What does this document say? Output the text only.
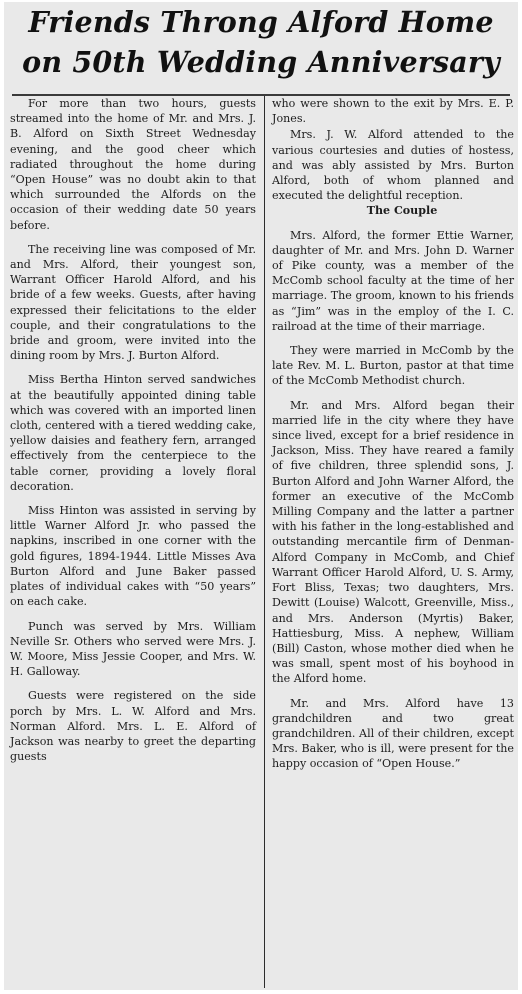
Friends Throng Alford Home
on 50th Wedding Anniversary

For more than two hours, guests streamed into the home of Mr. and Mrs. J. B. Alford on Sixth Street Wednesday evening, and the good cheer which radiated throughout the home during “Open House” was no doubt akin to that which surrounded the Alfords on the occasion of their wedding date 50 years before.

The receiving line was composed of Mr. and Mrs. Alford, their youngest son, Warrant Officer Harold Alford, and his bride of a few weeks. Guests, after having expressed their felicitations to the elder couple, and their congratulations to the bride and groom, were invited into the dining room by Mrs. J. Burton Alford.

Miss Bertha Hinton served sandwiches at the beautifully appointed dining table which was covered with an imported linen cloth, centered with a tiered wedding cake, yellow daisies and feathery fern, arranged effectively from the centerpiece to the table corner, providing a lovely floral decoration.

Miss Hinton was assisted in serving by little Warner Alford Jr. who passed the napkins, inscribed in one corner with the gold figures, 1894-1944. Little Misses Ava Burton Alford and June Baker passed plates of individual cakes with “50 years” on each cake.

Punch was served by Mrs. William Neville Sr. Others who served were Mrs. J. W. Moore, Miss Jessie Cooper, and Mrs. W. H. Galloway.

Guests were registered on the side porch by Mrs. L. W. Alford and Mrs. Norman Alford. Mrs. L. E. Alford of Jackson was nearby to greet the departing guests

who were shown to the exit by Mrs. E. P. Jones.

Mrs. J. W. Alford attended to the various courtesies and duties of hostess, and was ably assisted by Mrs. Burton Alford, both of whom planned and executed the delightful reception.

The Couple

Mrs. Alford, the former Ettie Warner, daughter of Mr. and Mrs. John D. Warner of Pike county, was a member of the McComb school faculty at the time of her marriage. The groom, known to his friends as “Jim” was in the employ of the I. C. railroad at the time of their marriage.

They were married in McComb by the late Rev. M. L. Burton, pastor at that time of the McComb Methodist church.

Mr. and Mrs. Alford began their married life in the city where they have since lived, except for a brief residence in Jackson, Miss. They have reared a family of five children, three splendid sons, J. Burton Alford and John Warner Alford, the former an executive of the McComb Milling Company and the latter a partner with his father in the long-established and outstanding mercantile firm of Denman-Alford Company in McComb, and Chief Warrant Officer Harold Alford, U. S. Army, Fort Bliss, Texas; two daughters, Mrs. Dewitt (Louise) Walcott, Greenville, Miss., and Mrs. Anderson (Myrtis) Baker, Hattiesburg, Miss. A nephew, William (Bill) Caston, whose mother died when he was small, spent most of his boyhood in the Alford home.

Mr. and Mrs. Alford have 13 grandchildren and two great grandchildren. All of their children, except Mrs. Baker, who is ill, were present for the happy occasion of “Open House.”
